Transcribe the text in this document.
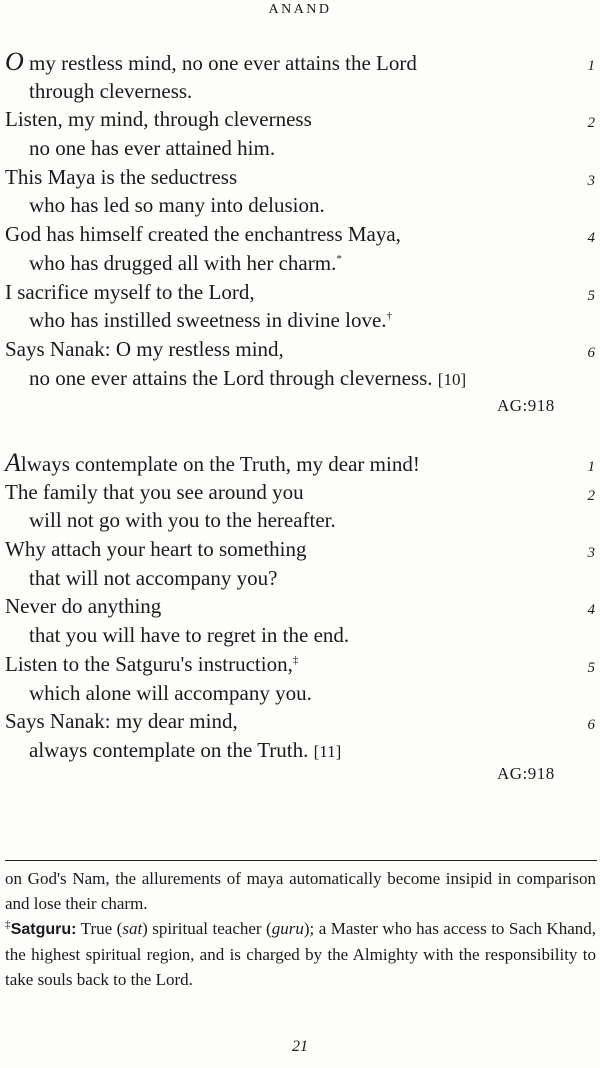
ANAND
O my restless mind, no one ever attains the Lord	1
through cleverness.
Listen, my mind, through cleverness	2
no one has ever attained him.
This Maya is the seductress	3
who has led so many into delusion.
God has himself created the enchantress Maya,	4
who has drugged all with her charm.*
I sacrifice myself to the Lord,	5
who has instilled sweetness in divine love.†
Says Nanak: O my restless mind,	6
no one ever attains the Lord through cleverness. [10]
AG:918
Always contemplate on the Truth, my dear mind!	1
The family that you see around you	2
will not go with you to the hereafter.
Why attach your heart to something	3
that will not accompany you?
Never do anything	4
that you will have to regret in the end.
Listen to the Satguru's instruction,‡	5
which alone will accompany you.
Says Nanak: my dear mind,	6
always contemplate on the Truth. [11]
AG:918

on God's Nam, the allurements of maya automatically become insipid in comparison and lose their charm.

‡Satguru: True (sat) spiritual teacher (guru); a Master who has access to Sach Khand, the highest spiritual region, and is charged by the Almighty with the responsibility to take souls back to the Lord.

21
